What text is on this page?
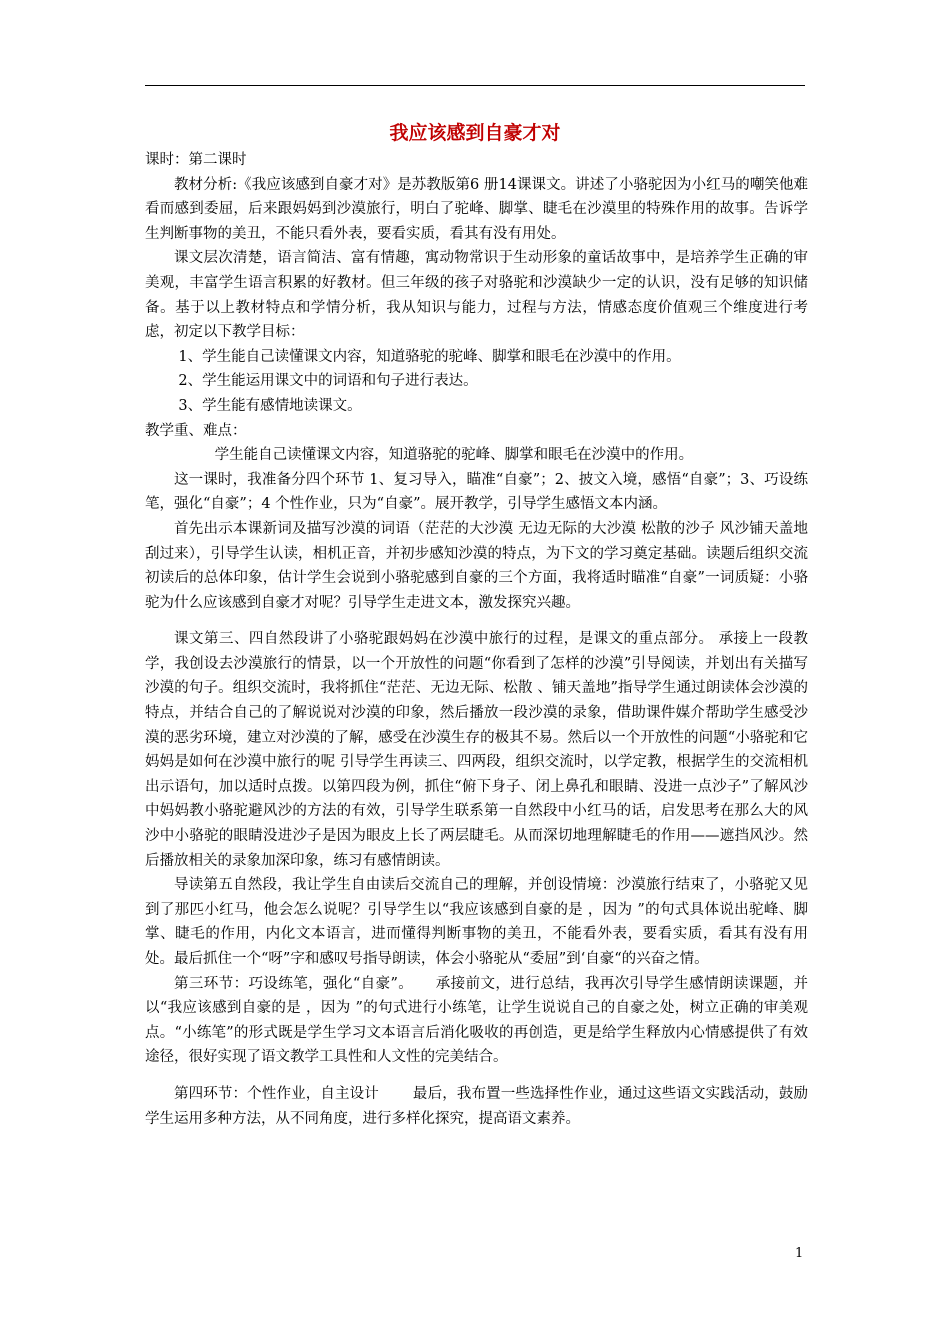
我应该感到自豪才对

课时：第二课时

教材分析:《我应该感到自豪才对》是苏教版第6 册14课课文。讲述了小骆驼因为小红马的嘲笑他难看而感到委屈，后来跟妈妈到沙漠旅行，明白了驼峰、脚掌、睫毛在沙漠里的特殊作用的故事。告诉学生判断事物的美丑，不能只看外表，要看实质，看其有没有用处。

课文层次清楚，语言简洁、富有情趣，寓动物常识于生动形象的童话故事中，是培养学生正确的审美观，丰富学生语言积累的好教材。但三年级的孩子对骆驼和沙漠缺少一定的认识，没有足够的知识储备。基于以上教材特点和学情分析，我从知识与能力，过程与方法，情感态度价值观三个维度进行考虑，初定以下教学目标：

1、学生能自己读懂课文内容，知道骆驼的驼峰、脚掌和眼毛在沙漠中的作用。

2、学生能运用课文中的词语和句子进行表达。

3、学生能有感情地读课文。

教学重、难点：

学生能自己读懂课文内容，知道骆驼的驼峰、脚掌和眼毛在沙漠中的作用。

这一课时，我准备分四个环节 1、复习导入，瞄准“自豪”；2、披文入境，感悟“自豪”；3、巧设练笔，强化“自豪”；4 个性作业，只为“自豪”。展开教学，引导学生感悟文本内涵。

首先出示本课新词及描写沙漠的词语（茫茫的大沙漠 无边无际的大沙漠 松散的沙子 风沙铺天盖地刮过来），引导学生认读，相机正音，并初步感知沙漠的特点，为下文的学习奠定基础。读题后组织交流初读后的总体印象，估计学生会说到小骆驼感到自豪的三个方面，我将适时瞄准“自豪”一词质疑：小骆驼为什么应该感到自豪才对呢？引导学生走进文本，激发探究兴趣。

课文第三、四自然段讲了小骆驼跟妈妈在沙漠中旅行的过程，是课文的重点部分。 承接上一段教学，我创设去沙漠旅行的情景，以一个开放性的问题“你看到了怎样的沙漠”引导阅读，并划出有关描写沙漠的句子。组织交流时，我将抓住“茫茫、无边无际、松散 、铺天盖地”指导学生通过朗读体会沙漠的特点，并结合自己的了解说说对沙漠的印象，然后播放一段沙漠的录象，借助课件媒介帮助学生感受沙漠的恶劣环境，建立对沙漠的了解，感受在沙漠生存的极其不易。然后以一个开放性的问题“小骆驼和它妈妈是如何在沙漠中旅行的呢 引导学生再读三、四两段，组织交流时，以学定教，根据学生的交流相机出示语句，加以适时点拨。以第四段为例，抓住“俯下身子、闭上鼻孔和眼睛、没进一点沙子”了解风沙中妈妈教小骆驼避风沙的方法的有效，引导学生联系第一自然段中小红马的话，启发思考在那么大的风沙中小骆驼的眼睛没进沙子是因为眼皮上长了两层睫毛。从而深切地理解睫毛的作用——遮挡风沙。然后播放相关的录象加深印象，练习有感情朗读。

导读第五自然段，我让学生自由读后交流自己的理解，并创设情境：沙漠旅行结束了，小骆驼又见到了那匹小红马，他会怎么说呢？引导学生以“我应该感到自豪的是 ，因为 ”的句式具体说出驼峰、脚掌、睫毛的作用，内化文本语言，进而懂得判断事物的美丑，不能看外表，要看实质，看其有没有用处。最后抓住一个“呀”字和感叹号指导朗读，体会小骆驼从“委屈”到‘自豪“的兴奋之情。

第三环节：巧设练笔，强化“自豪”。　　承接前文，进行总结，我再次引导学生感情朗读课题，并以“我应该感到自豪的是 ，因为 ”的句式进行小练笔，让学生说说自己的自豪之处，树立正确的审美观点。“小练笔”的形式既是学生学习文本语言后消化吸收的再创造，更是给学生释放内心情感提供了有效途径，很好实现了语文教学工具性和人文性的完美结合。

第四环节：个性作业，自主设计　　 最后，我布置一些选择性作业，通过这些语文实践活动，鼓励学生运用多种方法，从不同角度，进行多样化探究，提高语文素养。

1
